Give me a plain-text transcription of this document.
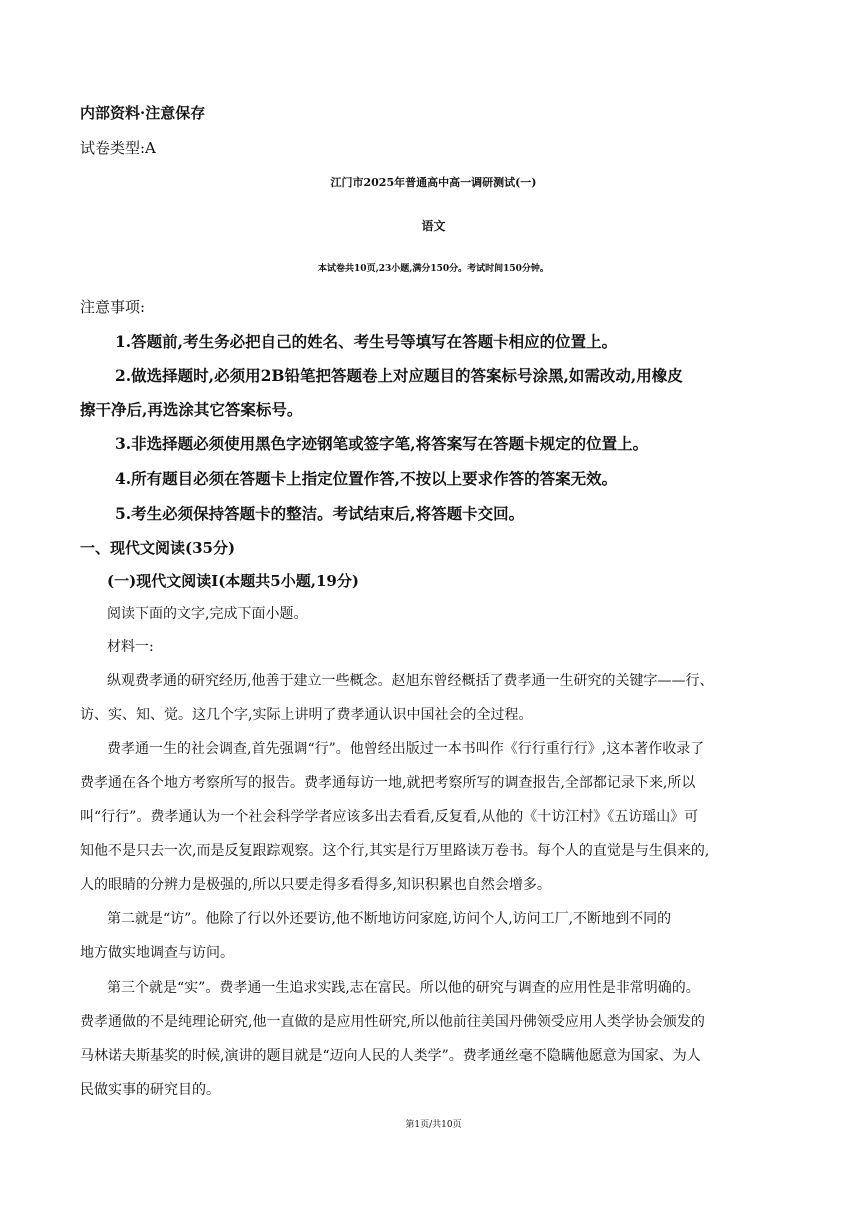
内部资料·注意保存

试卷类型:A

江门市2025年普通高中高一调研测试(一)

语文

本试卷共10页,23小题,满分150分。考试时间150分钟。

注意事项:

1.答题前,考生务必把自己的姓名、考生号等填写在答题卡相应的位置上。

2.做选择题时,必须用2B铅笔把答题卷上对应题目的答案标号涂黑,如需改动,用橡皮

擦干净后,再选涂其它答案标号。

3.非选择题必须使用黑色字迹钢笔或签字笔,将答案写在答题卡规定的位置上。

4.所有题目必须在答题卡上指定位置作答,不按以上要求作答的答案无效。

5.考生必须保持答题卡的整洁。考试结束后,将答题卡交回。

一、现代文阅读(35分)

(一)现代文阅读Ⅰ(本题共5小题,19分)

阅读下面的文字,完成下面小题。

材料一:

纵观费孝通的研究经历,他善于建立一些概念。赵旭东曾经概括了费孝通一生研究的关键字——行、

访、实、知、觉。这几个字,实际上讲明了费孝通认识中国社会的全过程。

费孝通一生的社会调查,首先强调“行”。他曾经出版过一本书叫作《行行重行行》,这本著作收录了

费孝通在各个地方考察所写的报告。费孝通每访一地,就把考察所写的调查报告,全部都记录下来,所以

叫“行行”。费孝通认为一个社会科学学者应该多出去看看,反复看,从他的《十访江村》《五访瑶山》可

知他不是只去一次,而是反复跟踪观察。这个行,其实是行万里路读万卷书。每个人的直觉是与生俱来的,

人的眼睛的分辨力是极强的,所以只要走得多看得多,知识积累也自然会增多。

第二就是“访”。他除了行以外还要访,他不断地访问家庭,访问个人,访问工厂,不断地到不同的

地方做实地调查与访问。

第三个就是“实”。费孝通一生追求实践,志在富民。所以他的研究与调查的应用性是非常明确的。

费孝通做的不是纯理论研究,他一直做的是应用性研究,所以他前往美国丹佛领受应用人类学协会颁发的

马林诺夫斯基奖的时候,演讲的题目就是“迈向人民的人类学”。费孝通丝毫不隐瞒他愿意为国家、为人

民做实事的研究目的。

第1页/共10页
